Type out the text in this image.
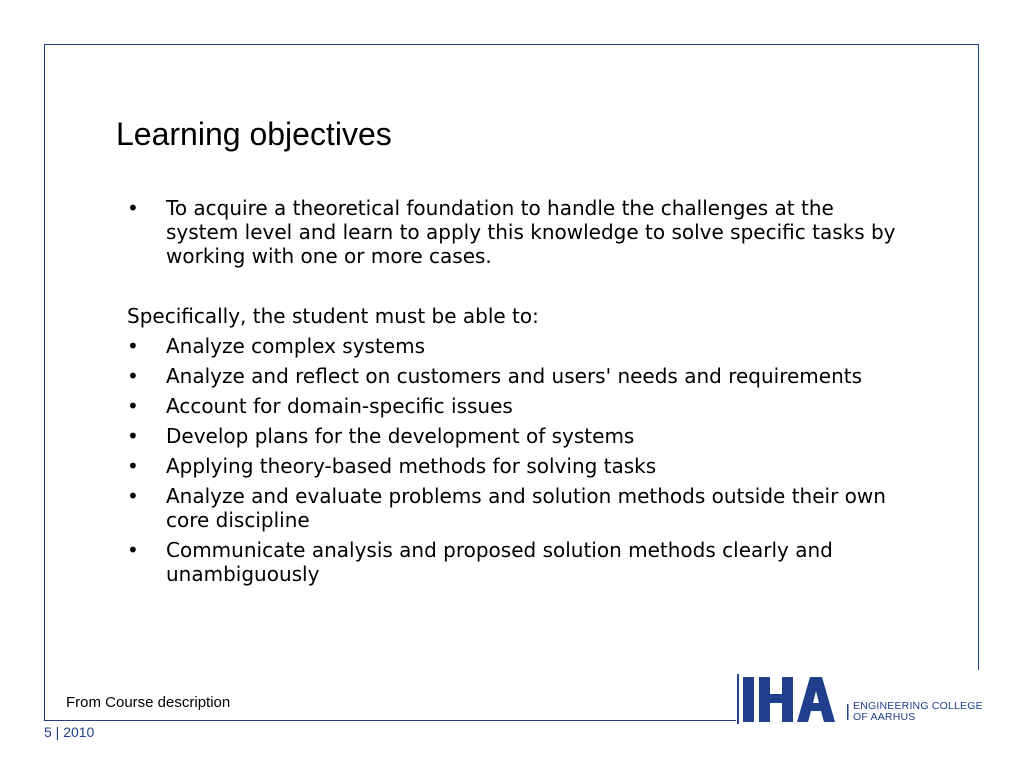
Learning objectives

• To acquire a theoretical foundation to handle the challenges at the system level and learn to apply this knowledge to solve specific tasks by working with one or more cases.

Specifically, the student must be able to:

• Analyze complex systems

• Analyze and reflect on customers and users' needs and requirements

• Account for domain-specific issues

• Develop plans for the development of systems

• Applying theory-based methods for solving tasks

• Analyze and evaluate problems and solution methods outside their own core discipline

• Communicate analysis and proposed solution methods clearly and unambiguously

From Course description
5 | 2010
ENGINEERING COLLEGE
OF AARHUS
